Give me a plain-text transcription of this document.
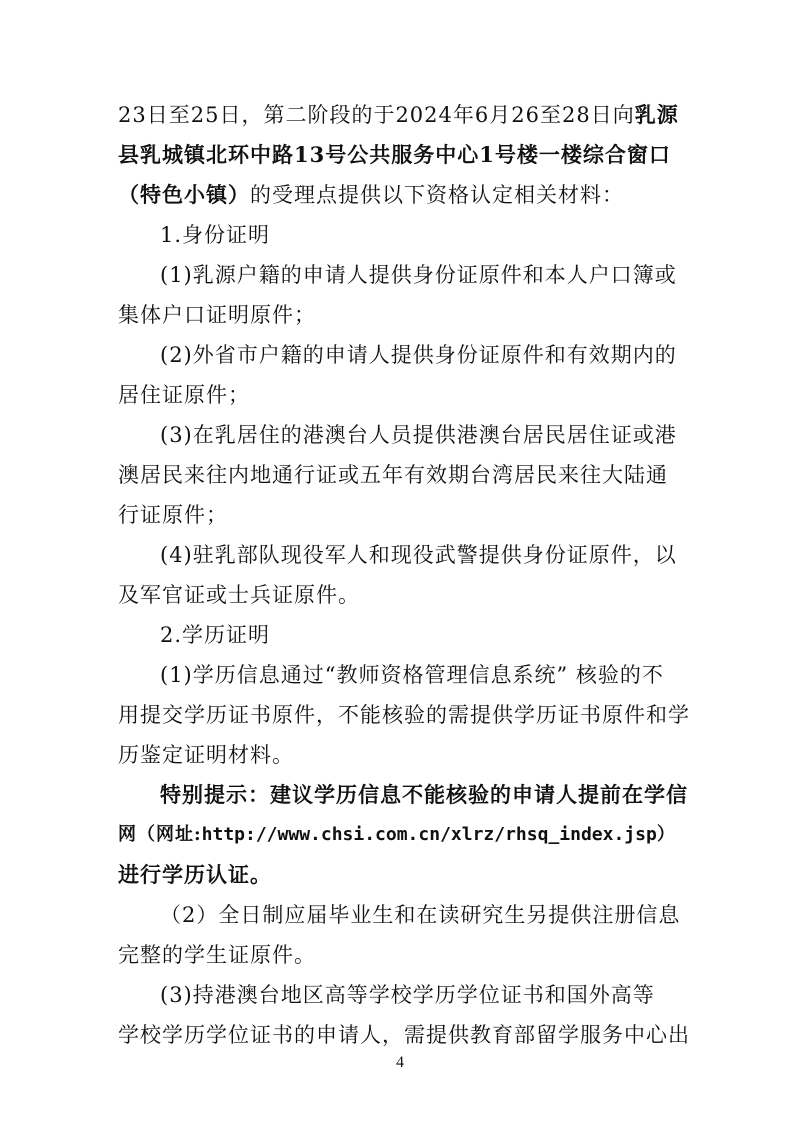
23日至25日，第二阶段的于2024年6月26至28日向乳源
县乳城镇北环中路13号公共服务中心1号楼一楼综合窗口
（特色小镇）的受理点提供以下资格认定相关材料：
1.身份证明
(1)乳源户籍的申请人提供身份证原件和本人户口簿或
集体户口证明原件；
(2)外省市户籍的申请人提供身份证原件和有效期内的
居住证原件；
(3)在乳居住的港澳台人员提供港澳台居民居住证或港
澳居民来往内地通行证或五年有效期台湾居民来往大陆通
行证原件；
(4)驻乳部队现役军人和现役武警提供身份证原件，以
及军官证或士兵证原件。
2.学历证明
(1)学历信息通过“教师资格管理信息系统” 核验的不
用提交学历证书原件，不能核验的需提供学历证书原件和学
历鉴定证明材料。
特别提示：建议学历信息不能核验的申请人提前在学信
网（网址:http://www.chsi.com.cn/xlrz/rhsq_index.jsp）
进行学历认证。
（2）全日制应届毕业生和在读研究生另提供注册信息
完整的学生证原件。
(3)持港澳台地区高等学校学历学位证书和国外高等
学校学历学位证书的申请人，需提供教育部留学服务中心出
4
